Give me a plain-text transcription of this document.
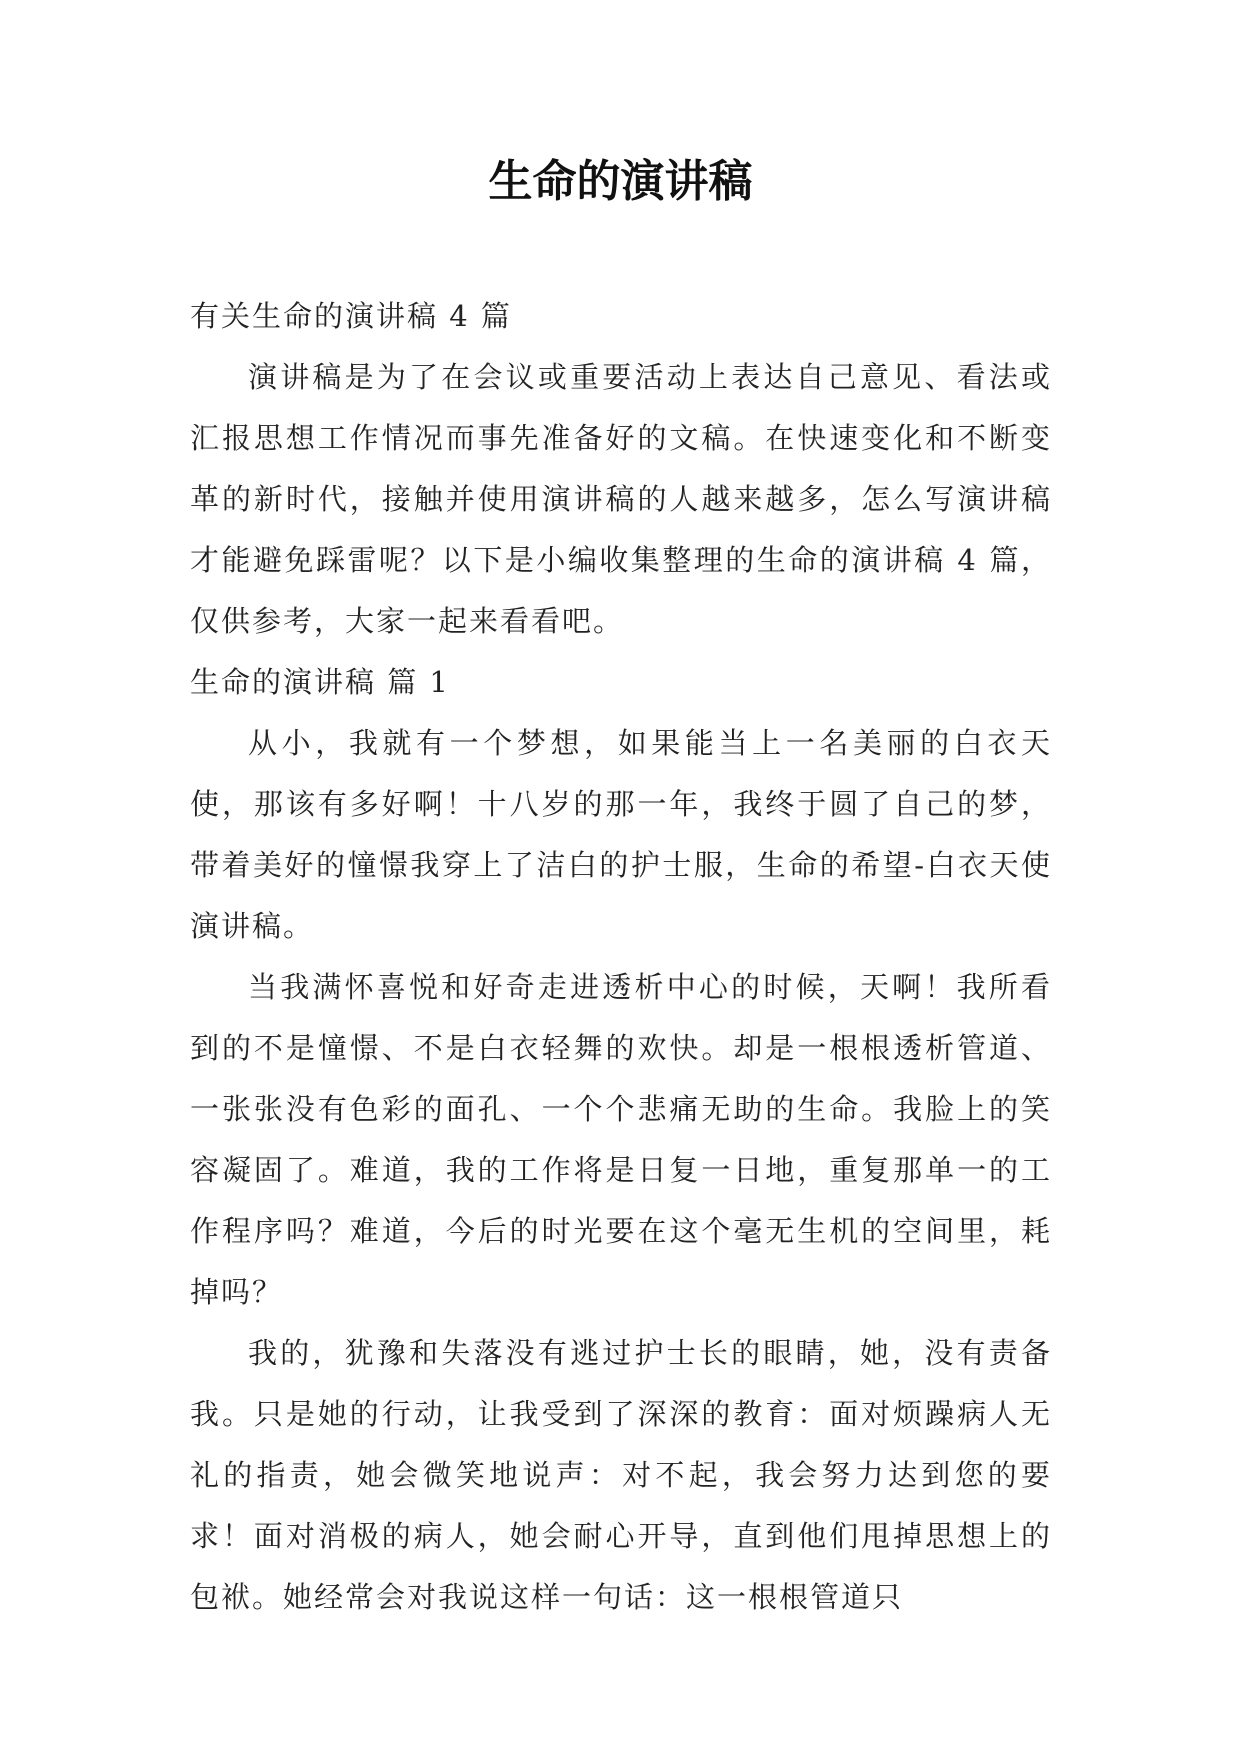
生命的演讲稿

有关生命的演讲稿 4 篇

演讲稿是为了在会议或重要活动上表达自己意见、看法或汇报思想工作情况而事先准备好的文稿。在快速变化和不断变革的新时代，接触并使用演讲稿的人越来越多，怎么写演讲稿才能避免踩雷呢？以下是小编收集整理的生命的演讲稿 4 篇，仅供参考，大家一起来看看吧。

生命的演讲稿 篇 1

从小，我就有一个梦想，如果能当上一名美丽的白衣天使，那该有多好啊！十八岁的那一年，我终于圆了自己的梦，带着美好的憧憬我穿上了洁白的护士服，生命的希望-白衣天使演讲稿。

当我满怀喜悦和好奇走进透析中心的时候，天啊！我所看到的不是憧憬、不是白衣轻舞的欢快。却是一根根透析管道、一张张没有色彩的面孔、一个个悲痛无助的生命。我脸上的笑容凝固了。难道，我的工作将是日复一日地，重复那单一的工作程序吗？难道，今后的时光要在这个毫无生机的空间里，耗掉吗？

我的，犹豫和失落没有逃过护士长的眼睛，她，没有责备我。只是她的行动，让我受到了深深的教育：面对烦躁病人无礼的指责，她会微笑地说声：对不起，我会努力达到您的要求！面对消极的病人，她会耐心开导，直到他们甩掉思想上的包袱。她经常会对我说这样一句话：这一根根管道只
